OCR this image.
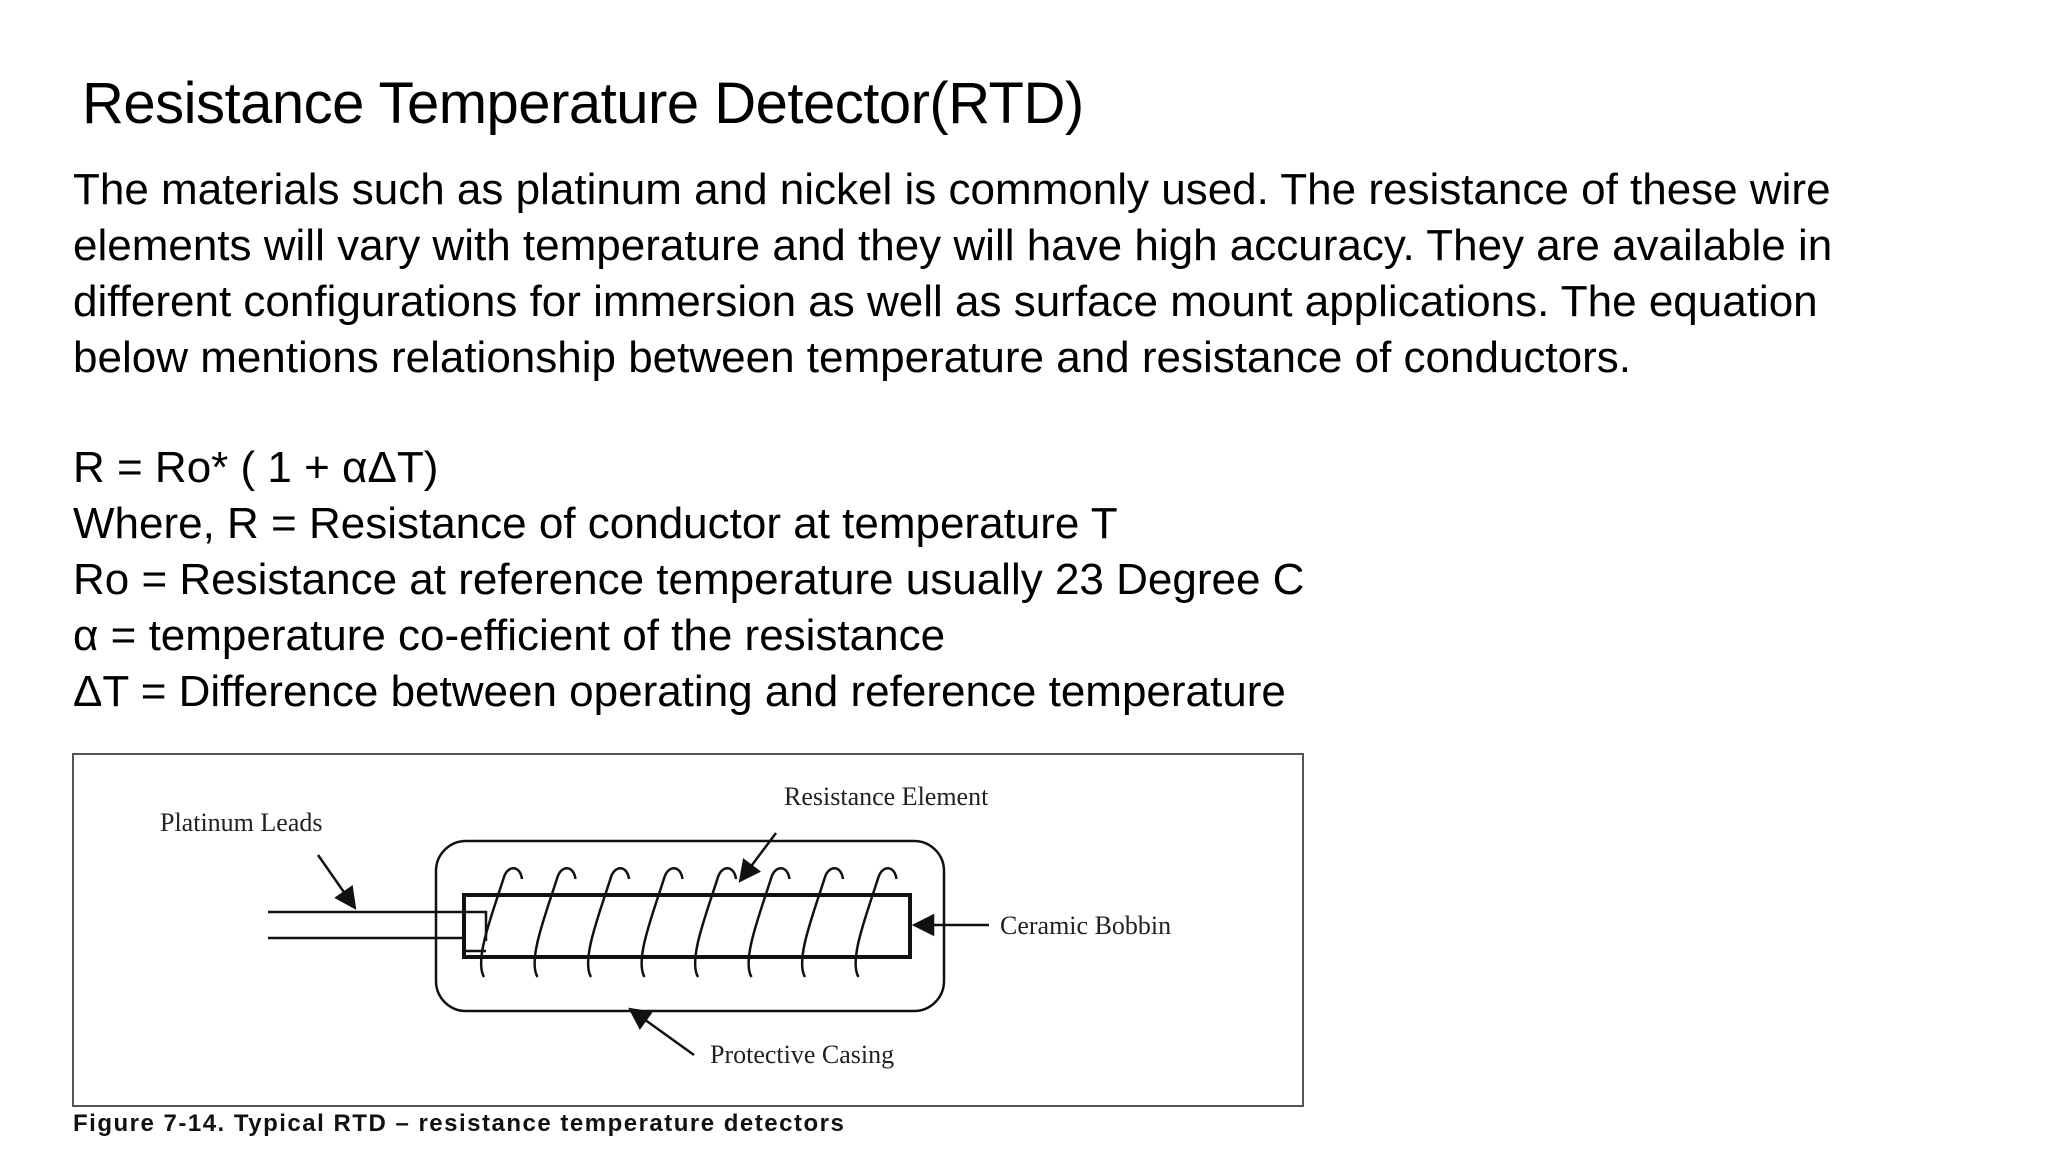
Resistance Temperature Detector(RTD)

The materials such as platinum and nickel is commonly used. The resistance of these wire

elements will vary with temperature and they will have high accuracy. They are available in

different configurations for immersion as well as surface mount applications. The equation

below mentions relationship between temperature and resistance of conductors.

R = Ro* ( 1 + αΔT)
Where, R = Resistance of conductor at temperature T
Ro = Resistance at reference temperature usually 23 Degree C
α = temperature co-efficient of the resistance
ΔT = Difference between operating and reference temperature
Platinum Leads
Resistance Element
Ceramic Bobbin
Protective Casing
Figure 7-14. Typical RTD – resistance temperature detectors
